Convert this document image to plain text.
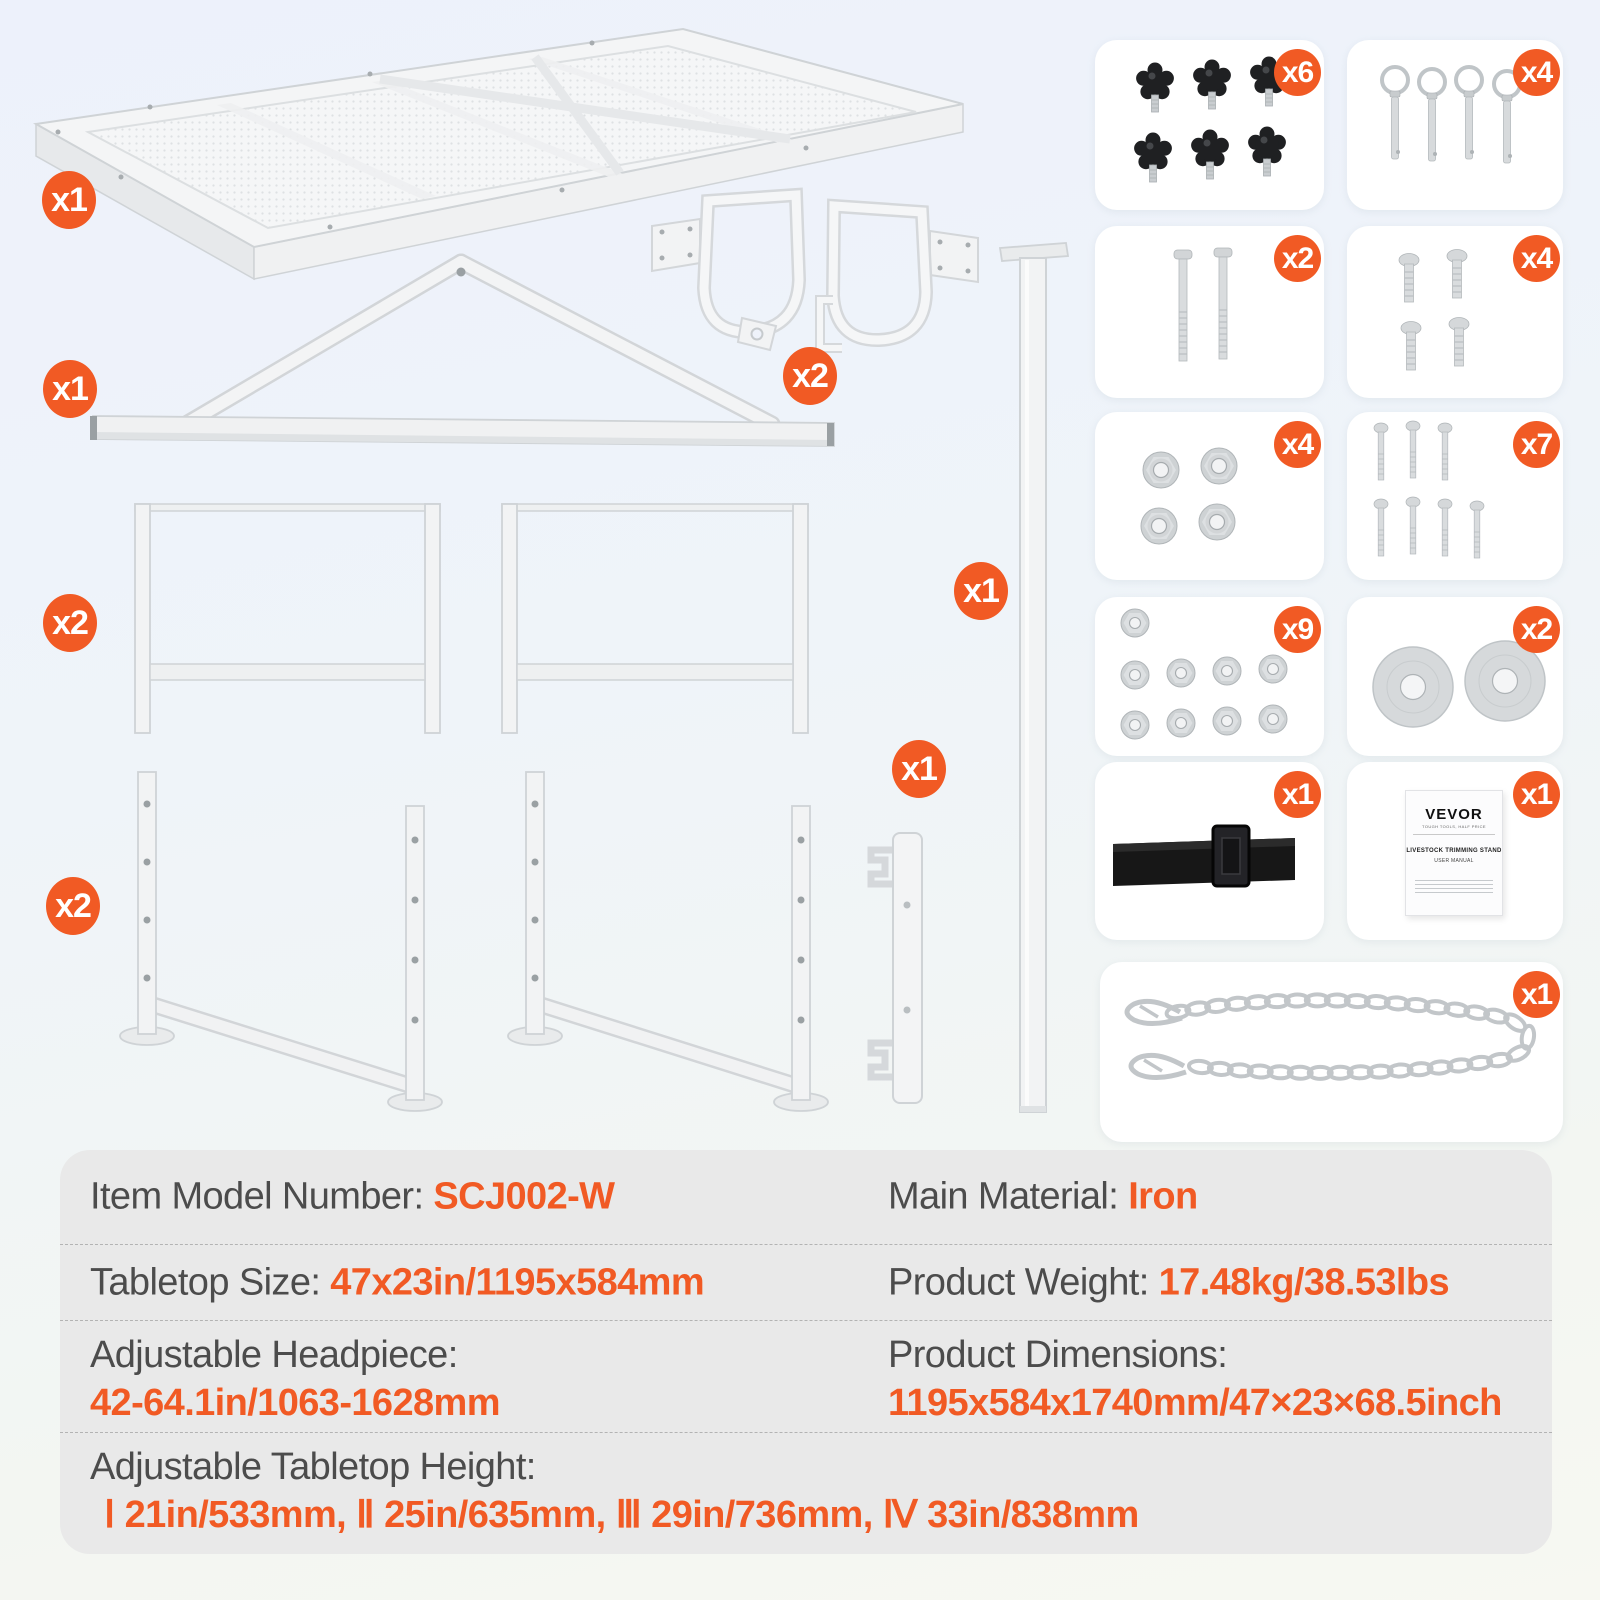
x1
x1	x2
x2
x1
x1
x2
x6	x4
x2	x4
x4	x7
x9	x2
x1
VEVOR
TOUGH TOOLS, HALF PRICE
LIVESTOCK TRIMMING STAND
USER MANUAL
x1
x1
Item Model Number: SCJ002-W	Main Material: Iron
Tabletop Size: 47x23in/1195x584mm	Product Weight: 17.48kg/38.53lbs
Adjustable Headpiece:
42-64.1in/1063-1628mm
Product Dimensions:
1195x584x1740mm/47×23×68.5inch
Adjustable Tabletop Height:
Ⅰ 21in/533mm, Ⅱ 25in/635mm, Ⅲ 29in/736mm, Ⅳ 33in/838mm
